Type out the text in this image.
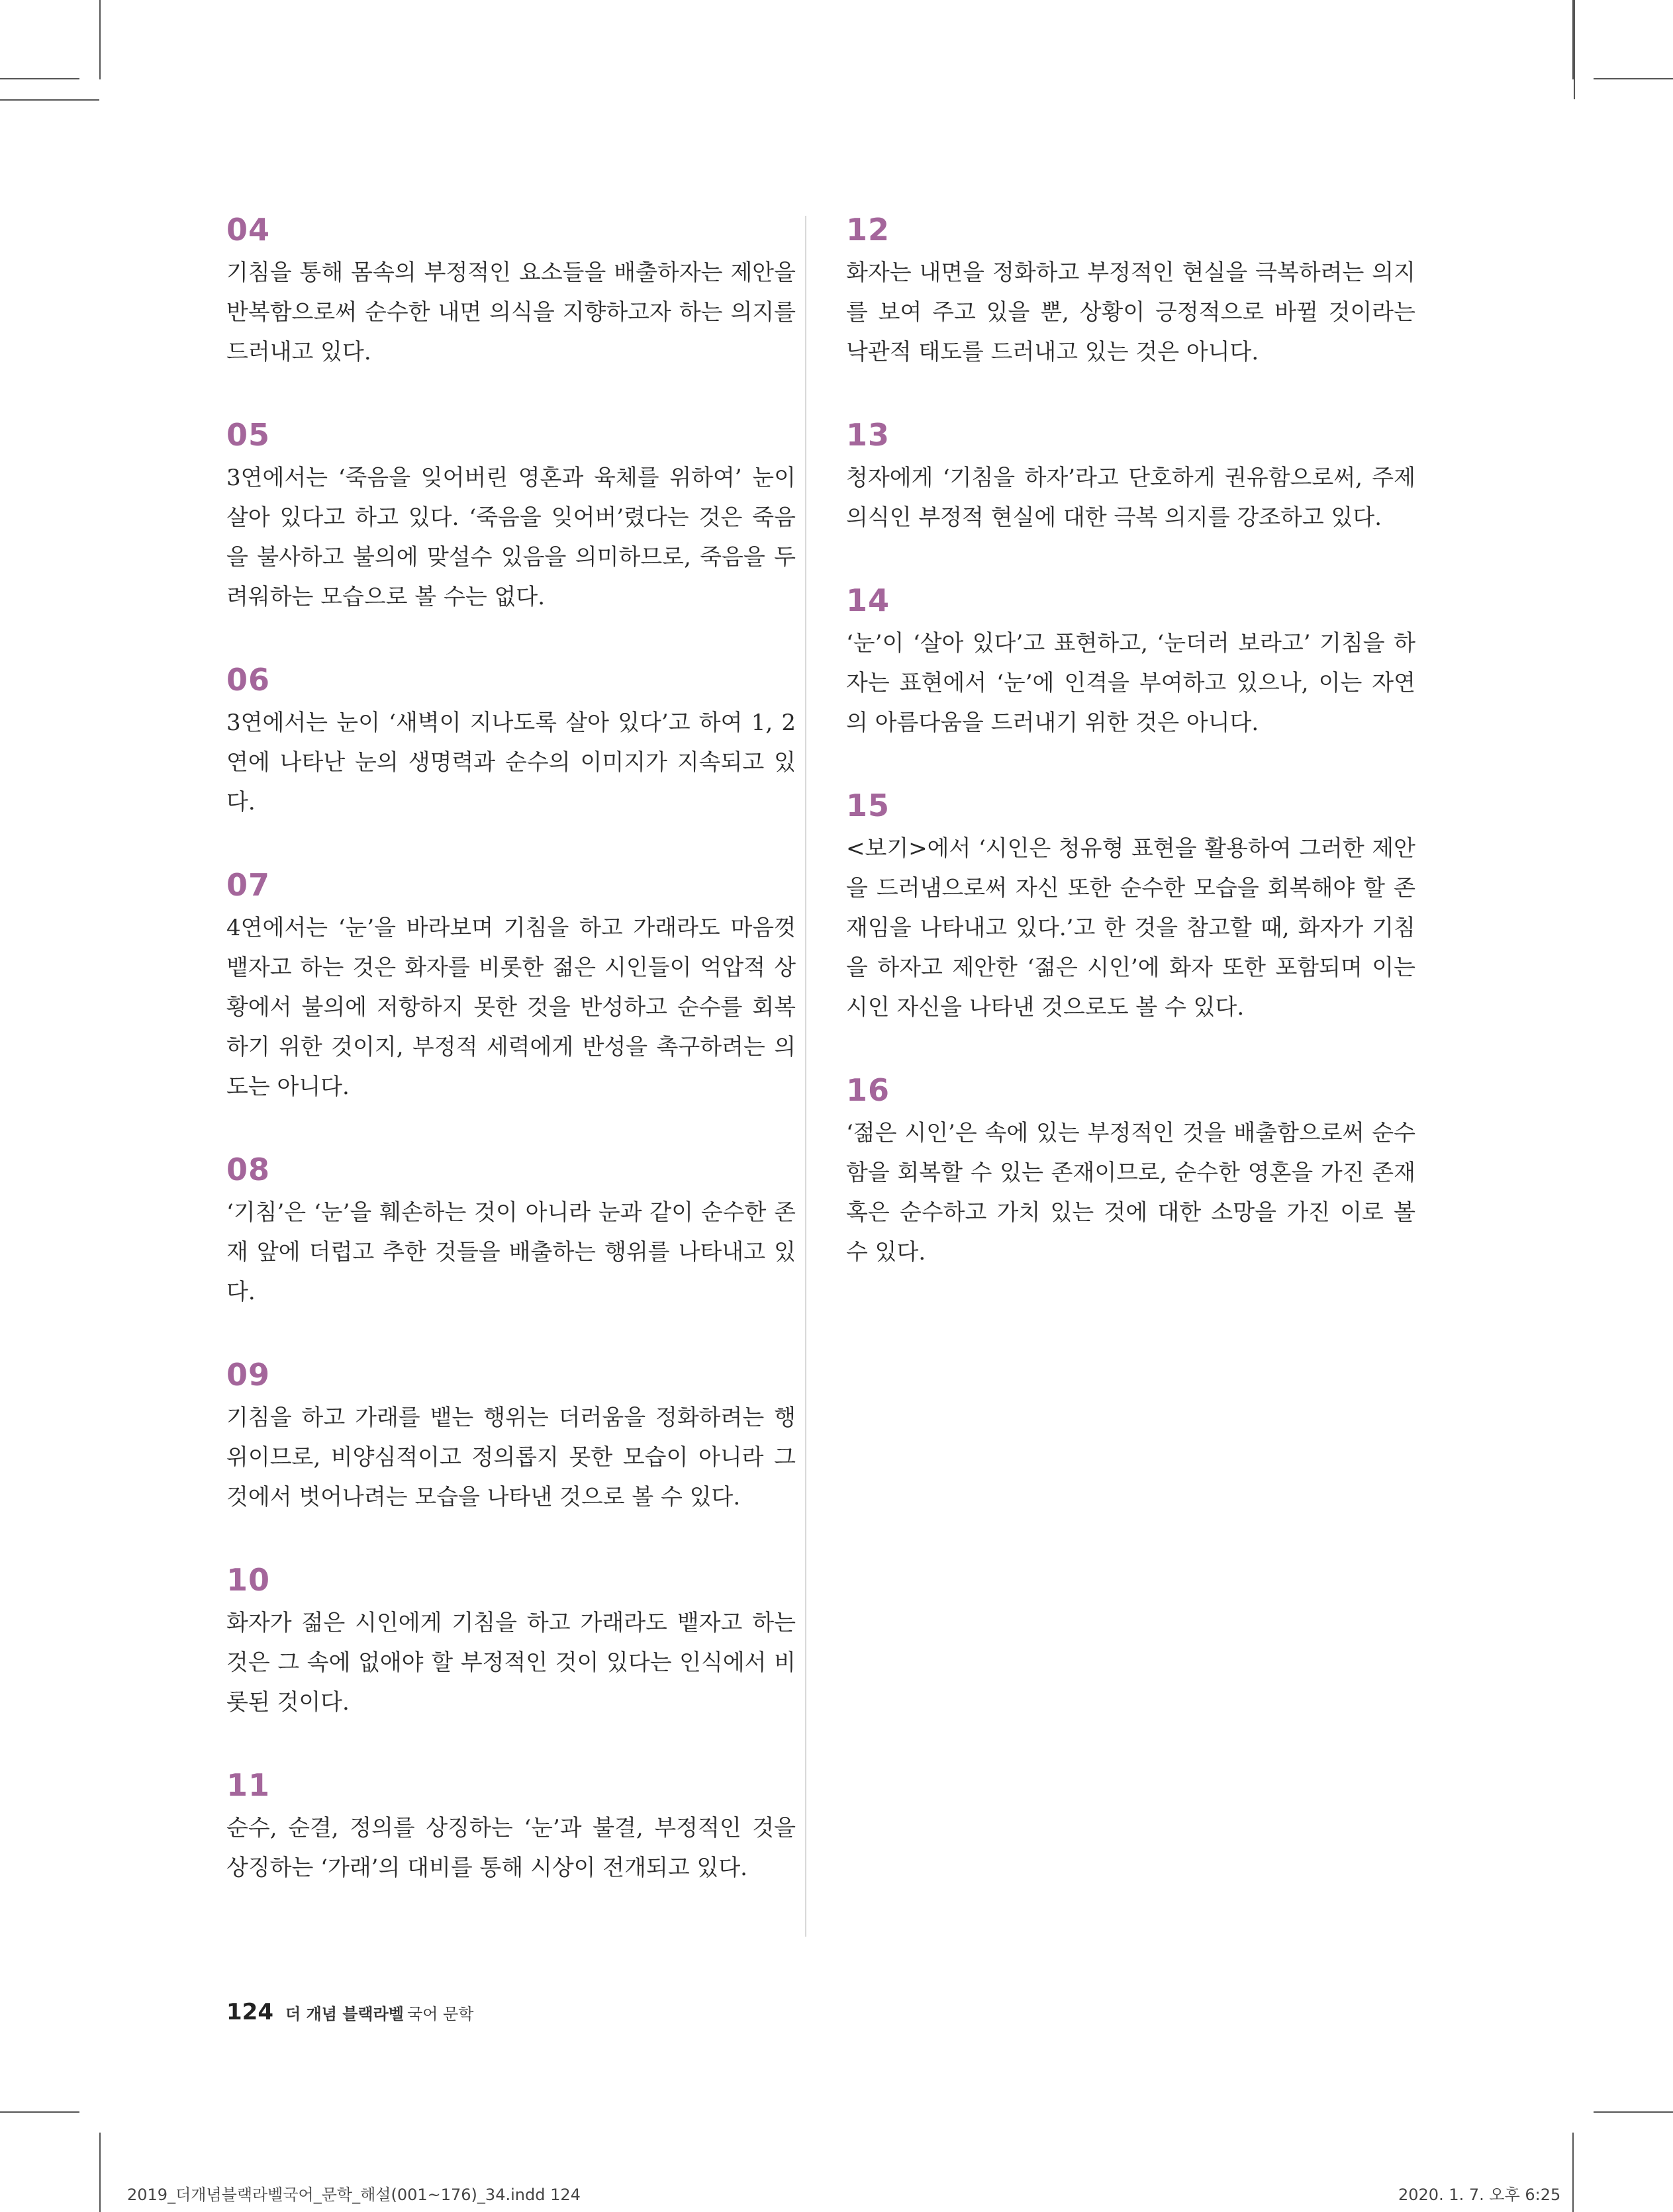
04

기침을 통해 몸속의 부정적인 요소들을 배출하자는 제안을 반복함으로써 순수한 내면 의식을 지향하고자 하는 의지를 드러내고 있다.

05

3연에서는 ‘죽음을 잊어버린 영혼과 육체를 위하여’ 눈이 살아 있다고 하고 있다. ‘죽음을 잊어버’렸다는 것은 죽음을 불사하고 불의에 맞설수 있음을 의미하므로, 죽음을 두려워하는 모습으로 볼 수는 없다.

06

3연에서는 눈이 ‘새벽이 지나도록 살아 있다’고 하여 1, 2연에 나타난 눈의 생명력과 순수의 이미지가 지속되고 있다.

07

4연에서는 ‘눈’을 바라보며 기침을 하고 가래라도 마음껏 뱉자고 하는 것은 화자를 비롯한 젊은 시인들이 억압적 상황에서 불의에 저항하지 못한 것을 반성하고 순수를 회복하기 위한 것이지, 부정적 세력에게 반성을 촉구하려는 의도는 아니다.

08

‘기침’은 ‘눈’을 훼손하는 것이 아니라 눈과 같이 순수한 존재 앞에 더럽고 추한 것들을 배출하는 행위를 나타내고 있다.

09

기침을 하고 가래를 뱉는 행위는 더러움을 정화하려는 행위이므로, 비양심적이고 정의롭지 못한 모습이 아니라 그것에서 벗어나려는 모습을 나타낸 것으로 볼 수 있다.

10

화자가 젊은 시인에게 기침을 하고 가래라도 뱉자고 하는 것은 그 속에 없애야 할 부정적인 것이 있다는 인식에서 비롯된 것이다.

11

순수, 순결, 정의를 상징하는 ‘눈’과 불결, 부정적인 것을 상징하는 ‘가래’의 대비를 통해 시상이 전개되고 있다.

12

화자는 내면을 정화하고 부정적인 현실을 극복하려는 의지를 보여 주고 있을 뿐, 상황이 긍정적으로 바뀔 것이라는 낙관적 태도를 드러내고 있는 것은 아니다.

13

청자에게 ‘기침을 하자’라고 단호하게 권유함으로써, 주제 의식인 부정적 현실에 대한 극복 의지를 강조하고 있다.

14

‘눈’이 ‘살아 있다’고 표현하고, ‘눈더러 보라고’ 기침을 하자는 표현에서 ‘눈’에 인격을 부여하고 있으나, 이는 자연의 아름다움을 드러내기 위한 것은 아니다.

15

<보기>에서 ‘시인은 청유형 표현을 활용하여 그러한 제안을 드러냄으로써 자신 또한 순수한 모습을 회복해야 할 존재임을 나타내고 있다.’고 한 것을 참고할 때, 화자가 기침을 하자고 제안한 ‘젊은 시인’에 화자 또한 포함되며 이는 시인 자신을 나타낸 것으로도 볼 수 있다.

16

‘젊은 시인’은 속에 있는 부정적인 것을 배출함으로써 순수함을 회복할 수 있는 존재이므로, 순수한 영혼을 가진 존재 혹은 순수하고 가치 있는 것에 대한 소망을 가진 이로 볼 수 있다.

124 더 개념 블랙라벨 국어 문학
2019_더개념블랙라벨국어_문학_해설(001~176)_34.indd 124	2020. 1. 7. 오후 6:25
